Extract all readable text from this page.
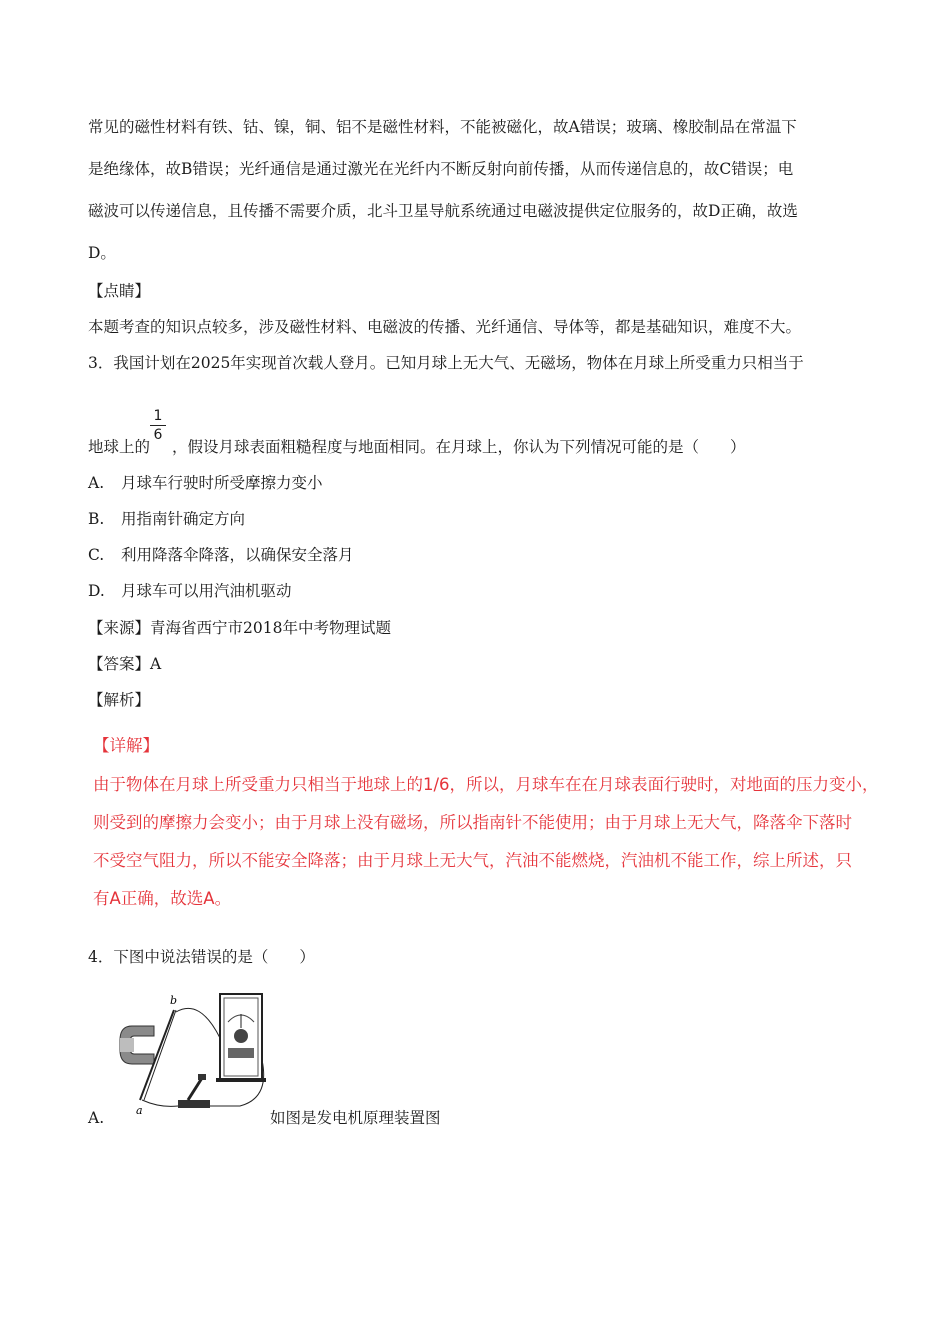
常见的磁性材料有铁、钴、镍，铜、铝不是磁性材料，不能被磁化，故A错误；玻璃、橡胶制品在常温下
是绝缘体，故B错误；光纤通信是通过激光在光纤内不断反射向前传播，从而传递信息的，故C错误；电
磁波可以传递信息，且传播不需要介质，北斗卫星导航系统通过电磁波提供定位服务的，故D正确，故选
D。
【点睛】
本题考查的知识点较多，涉及磁性材料、电磁波的传播、光纤通信、导体等，都是基础知识，难度不大。
3．我国计划在2025年实现首次载人登月。已知月球上无大气、无磁场，物体在月球上所受重力只相当于
1
6
地球上的 ，假设月球表面粗糙程度与地面相同。在月球上，你认为下列情况可能的是（　　）
A. 月球车行驶时所受摩擦力变小
B. 用指南针确定方向
C. 利用降落伞降落，以确保安全落月
D. 月球车可以用汽油机驱动
【来源】青海省西宁市2018年中考物理试题
【答案】A
【解析】
【详解】
由于物体在月球上所受重力只相当于地球上的1/6，所以，月球车在在月球表面行驶时，对地面的压力变小，
则受到的摩擦力会变小；由于月球上没有磁场，所以指南针不能使用；由于月球上无大气，降落伞下落时
不受空气阻力，所以不能安全降落；由于月球上无大气，汽油不能燃烧，汽油机不能工作，综上所述，只
有A正确，故选A。
4．下图中说法错误的是（　　）
b
a
A.	如图是发电机原理装置图
